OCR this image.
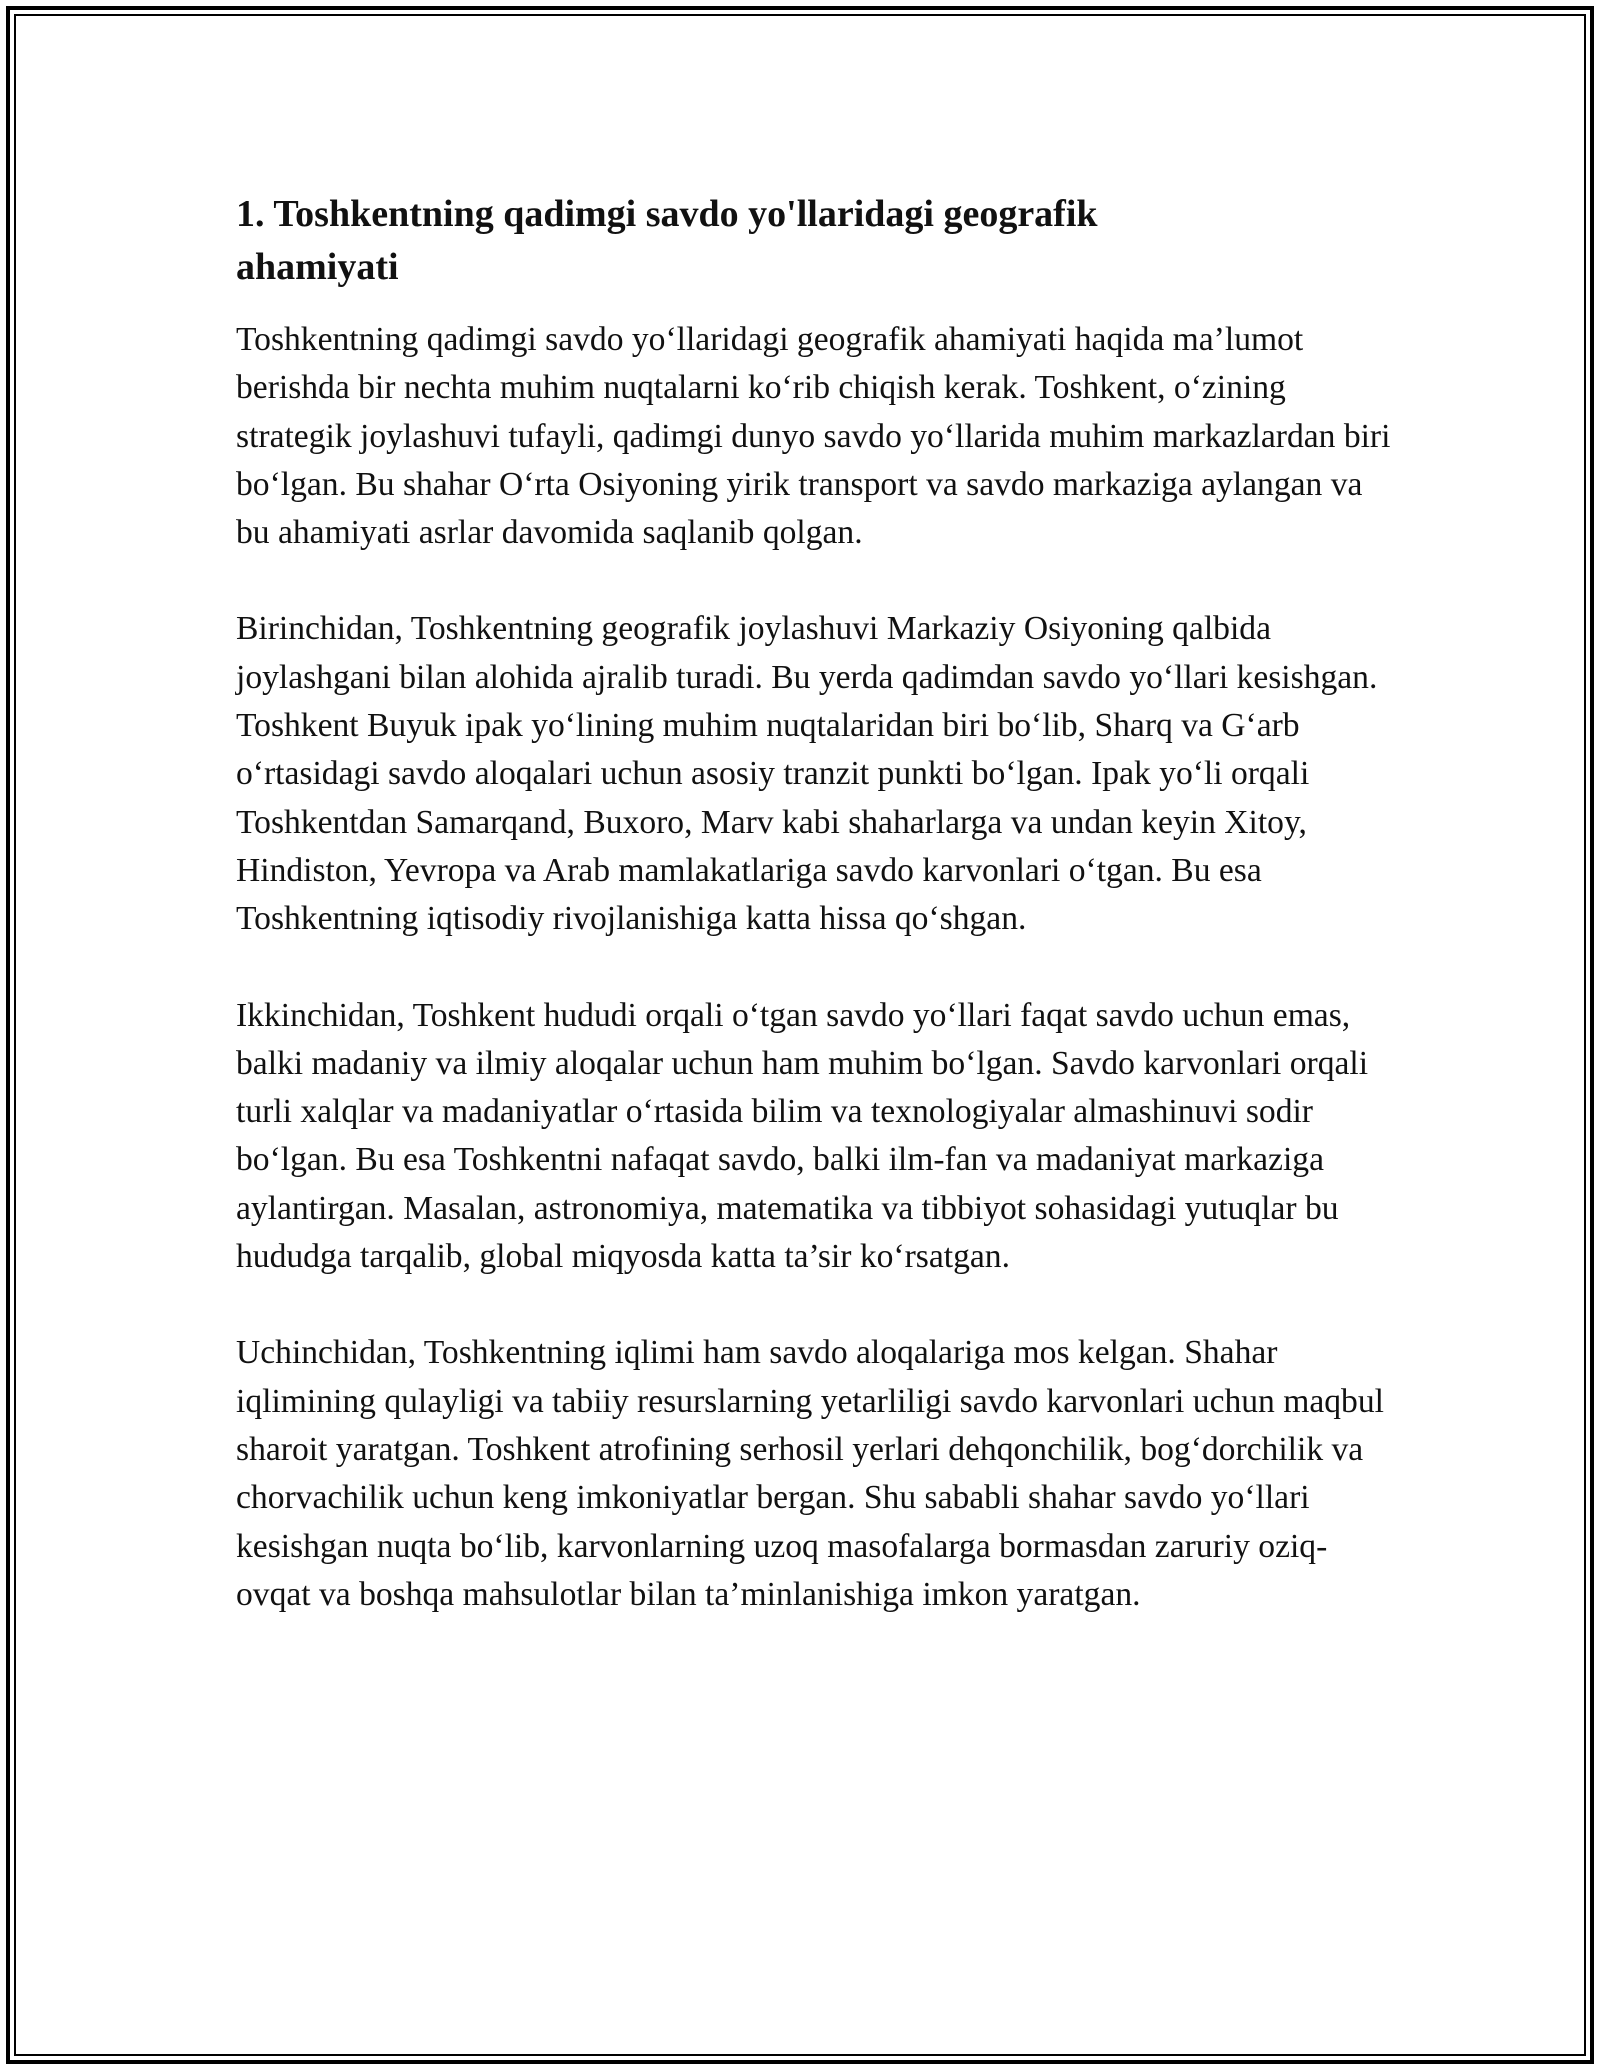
1. Toshkentning qadimgi savdo yo'llaridagi geografik ahamiyati

Toshkentning qadimgi savdo yo‘llaridagi geografik ahamiyati haqida ma’lumot berishda bir nechta muhim nuqtalarni ko‘rib chiqish kerak. Toshkent, o‘zining strategik joylashuvi tufayli, qadimgi dunyo savdo yo‘llarida muhim markazlardan biri bo‘lgan. Bu shahar O‘rta Osiyoning yirik transport va savdo markaziga aylangan va bu ahamiyati asrlar davomida saqlanib qolgan.

Birinchidan, Toshkentning geografik joylashuvi Markaziy Osiyoning qalbida joylashgani bilan alohida ajralib turadi. Bu yerda qadimdan savdo yo‘llari kesishgan. Toshkent Buyuk ipak yo‘lining muhim nuqtalaridan biri bo‘lib, Sharq va G‘arb o‘rtasidagi savdo aloqalari uchun asosiy tranzit punkti bo‘lgan. Ipak yo‘li orqali Toshkentdan Samarqand, Buxoro, Marv kabi shaharlarga va undan keyin Xitoy, Hindiston, Yevropa va Arab mamlakatlariga savdo karvonlari o‘tgan. Bu esa Toshkentning iqtisodiy rivojlanishiga katta hissa qo‘shgan.

Ikkinchidan, Toshkent hududi orqali o‘tgan savdo yo‘llari faqat savdo uchun emas, balki madaniy va ilmiy aloqalar uchun ham muhim bo‘lgan. Savdo karvonlari orqali turli xalqlar va madaniyatlar o‘rtasida bilim va texnologiyalar almashinuvi sodir bo‘lgan. Bu esa Toshkentni nafaqat savdo, balki ilm-fan va madaniyat markaziga aylantirgan. Masalan, astronomiya, matematika va tibbiyot sohasidagi yutuqlar bu hududga tarqalib, global miqyosda katta ta’sir ko‘rsatgan.

Uchinchidan, Toshkentning iqlimi ham savdo aloqalariga mos kelgan. Shahar iqlimining qulayligi va tabiiy resurslarning yetarliligi savdo karvonlari uchun maqbul sharoit yaratgan. Toshkent atrofining serhosil yerlari dehqonchilik, bog‘dorchilik va chorvachilik uchun keng imkoniyatlar bergan. Shu sababli shahar savdo yo‘llari kesishgan nuqta bo‘lib, karvonlarning uzoq masofalarga bormasdan zaruriy oziq-ovqat va boshqa mahsulotlar bilan ta’minlanishiga imkon yaratgan.
